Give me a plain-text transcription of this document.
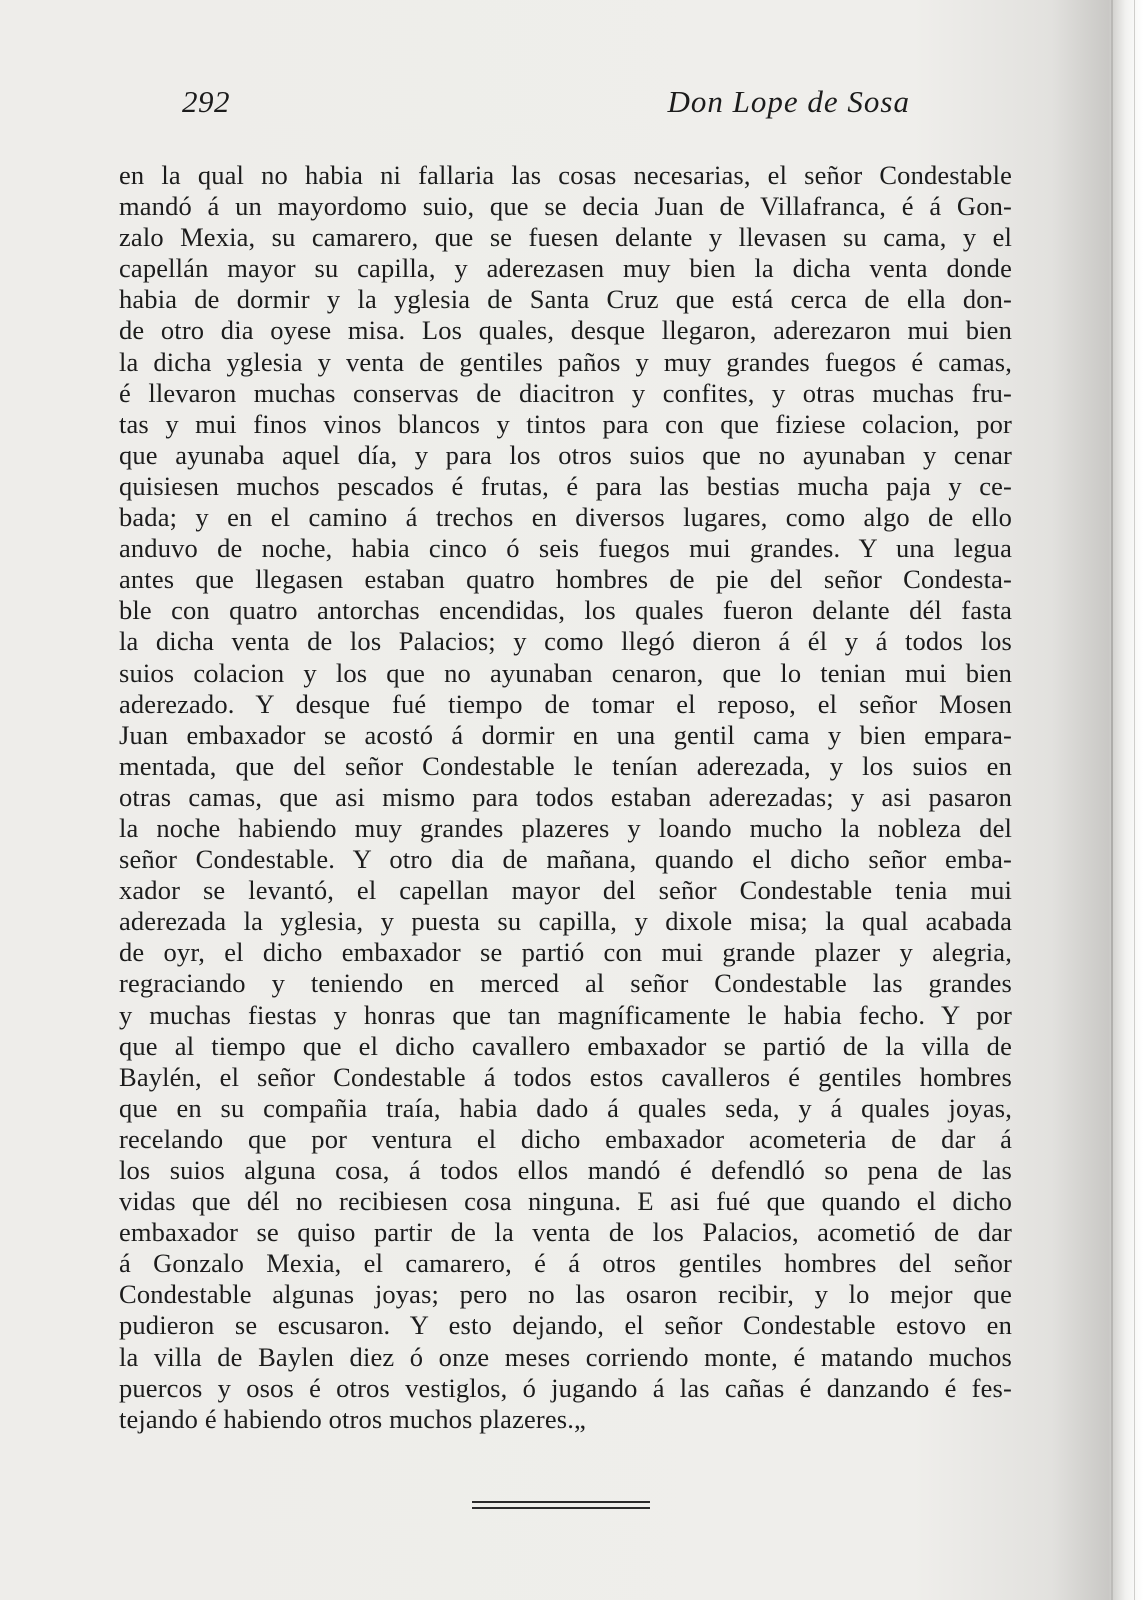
292	Don Lope de Sosa
en la qual no habia ni fallaria las cosas necesarias, el señor Condestable
mandó á un mayordomo suio, que se decia Juan de Villafranca, é á Gon-
zalo Mexia, su camarero, que se fuesen delante y llevasen su cama, y el
capellán mayor su capilla, y aderezasen muy bien la dicha venta donde
habia de dormir y la yglesia de Santa Cruz que está cerca de ella don-
de otro dia oyese misa. Los quales, desque llegaron, aderezaron mui bien
la dicha yglesia y venta de gentiles paños y muy grandes fuegos é camas,
é llevaron muchas conservas de diacitron y confites, y otras muchas fru-
tas y mui finos vinos blancos y tintos para con que fiziese colacion, por
que ayunaba aquel día, y para los otros suios que no ayunaban y cenar
quisiesen muchos pescados é frutas, é para las bestias mucha paja y ce-
bada; y en el camino á trechos en diversos lugares, como algo de ello
anduvo de noche, habia cinco ó seis fuegos mui grandes. Y una legua
antes que llegasen estaban quatro hombres de pie del señor Condesta-
ble con quatro antorchas encendidas, los quales fueron delante dél fasta
la dicha venta de los Palacios; y como llegó dieron á él y á todos los
suios colacion y los que no ayunaban cenaron, que lo tenian mui bien
aderezado. Y desque fué tiempo de tomar el reposo, el señor Mosen
Juan embaxador se acostó á dormir en una gentil cama y bien empara-
mentada, que del señor Condestable le tenían aderezada, y los suios en
otras camas, que asi mismo para todos estaban aderezadas; y asi pasaron
la noche habiendo muy grandes plazeres y loando mucho la nobleza del
señor Condestable. Y otro dia de mañana, quando el dicho señor emba-
xador se levantó, el capellan mayor del señor Condestable tenia mui
aderezada la yglesia, y puesta su capilla, y dixole misa; la qual acabada
de oyr, el dicho embaxador se partió con mui grande plazer y alegria,
regraciando y teniendo en merced al señor Condestable las grandes
y muchas fiestas y honras que tan magníficamente le habia fecho. Y por
que al tiempo que el dicho cavallero embaxador se partió de la villa de
Baylén, el señor Condestable á todos estos cavalleros é gentiles hombres
que en su compañia traía, habia dado á quales seda, y á quales joyas,
recelando que por ventura el dicho embaxador acometeria de dar á
los suios alguna cosa, á todos ellos mandó é defendló so pena de las
vidas que dél no recibiesen cosa ninguna. E asi fué que quando el dicho
embaxador se quiso partir de la venta de los Palacios, acometió de dar
á Gonzalo Mexia, el camarero, é á otros gentiles hombres del señor
Condestable algunas joyas; pero no las osaron recibir, y lo mejor que
pudieron se escusaron. Y esto dejando, el señor Condestable estovo en
la villa de Baylen diez ó onze meses corriendo monte, é matando muchos
puercos y osos é otros vestiglos, ó jugando á las cañas é danzando é fes-
tejando é habiendo otros muchos plazeres.„
